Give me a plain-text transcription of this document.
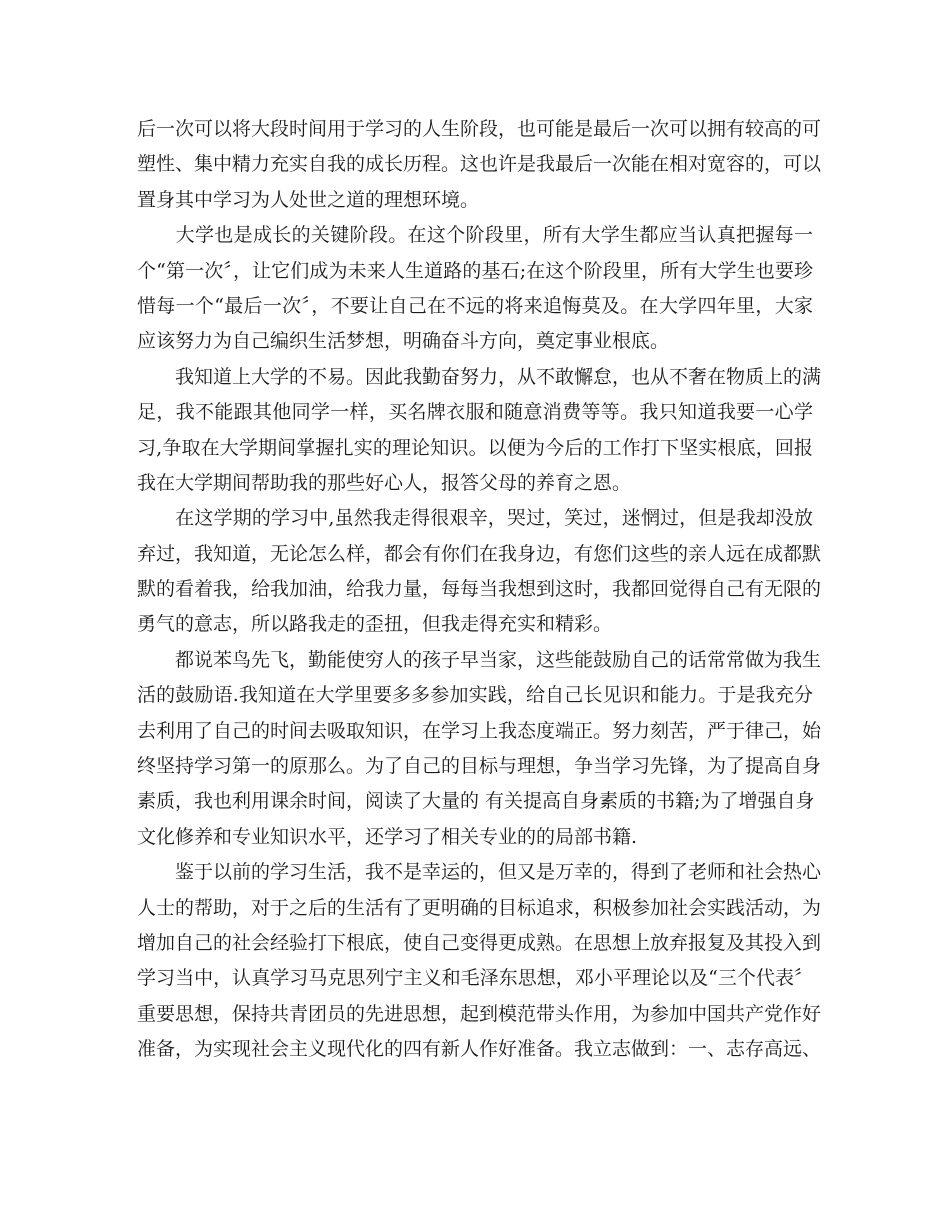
后一次可以将大段时间用于学习的人生阶段，也可能是最后一次可以拥有较高的可
塑性、集中精力充实自我的成长历程。这也许是我最后一次能在相对宽容的，可以
置身其中学习为人处世之道的理想环境。
　　大学也是成长的关键阶段。在这个阶段里，所有大学生都应当认真把握每一
个“第一次〞，让它们成为未来人生道路的基石;在这个阶段里，所有大学生也要珍
惜每一个“最后一次〞，不要让自己在不远的将来追悔莫及。在大学四年里，大家
应该努力为自己编织生活梦想，明确奋斗方向，奠定事业根底。
　　我知道上大学的不易。因此我勤奋努力，从不敢懈怠，也从不奢在物质上的满
足，我不能跟其他同学一样，买名牌衣服和随意消费等等。我只知道我要一心学
习,争取在大学期间掌握扎实的理论知识。以便为今后的工作打下坚实根底，回报
我在大学期间帮助我的那些好心人，报答父母的养育之恩。
　　在这学期的学习中,虽然我走得很艰辛，哭过，笑过，迷惘过，但是我却没放
弃过，我知道，无论怎么样，都会有你们在我身边，有您们这些的亲人远在成都默
默的看着我，给我加油，给我力量，每每当我想到这时，我都回觉得自己有无限的
勇气的意志，所以路我走的歪扭，但我走得充实和精彩。
　　都说苯鸟先飞，勤能使穷人的孩子早当家，这些能鼓励自己的话常常做为我生
活的鼓励语.我知道在大学里要多多参加实践，给自己长见识和能力。于是我充分
去利用了自己的时间去吸取知识，在学习上我态度端正。努力刻苦，严于律己，始
终坚持学习第一的原那么。为了自己的目标与理想，争当学习先锋，为了提高自身
素质，我也利用课余时间，阅读了大量的 有关提高自身素质的书籍;为了增强自身
文化修养和专业知识水平，还学习了相关专业的的局部书籍.
　　鉴于以前的学习生活，我不是幸运的，但又是万幸的，得到了老师和社会热心
人士的帮助，对于之后的生活有了更明确的目标追求，积极参加社会实践活动，为
增加自己的社会经验打下根底，使自己变得更成熟。在思想上放弃报复及其投入到
学习当中，认真学习马克思列宁主义和毛泽东思想，邓小平理论以及“三个代表〞
重要思想，保持共青团员的先进思想，起到模范带头作用，为参加中国共产党作好
准备，为实现社会主义现代化的四有新人作好准备。我立志做到：一、志存高远、
